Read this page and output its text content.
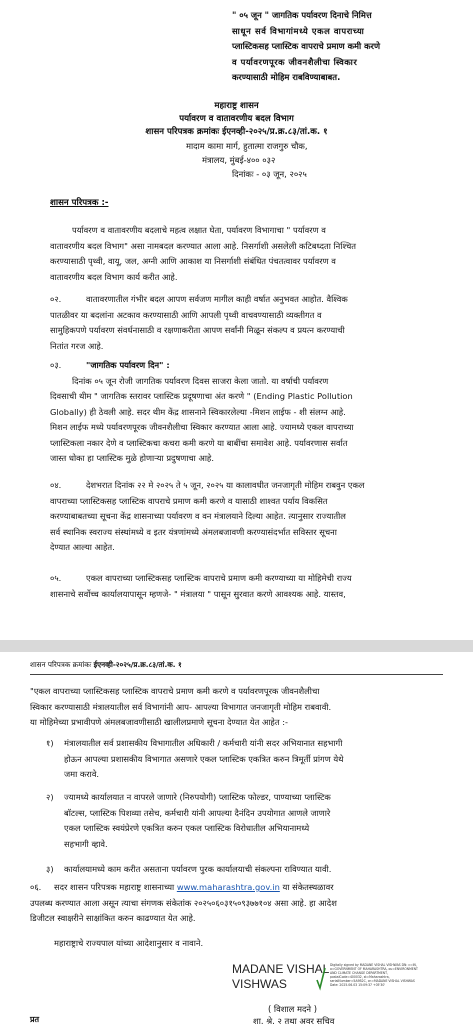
" ०५ जून " जागतिक पर्यावरण दिनाचे निमित्त
साधून सर्व विभागांमध्ये एकल वापराच्या
प्लास्टिकसह प्लास्टिक वापराचे प्रमाण कमी करणे
व पर्यावरणपूरक जीवनशैलीचा स्विकार
करण्यासाठी मोहिम राबविण्याबाबत.
महाराष्ट्र शासन
पर्यावरण व वातावरणीय बदल विभाग
शासन परिपत्रक क्रमांकः ईएनव्ही-२०२५/प्र.क्र.८३/तां.क. १
मादाम कामा मार्ग, हुतात्मा राजगुरु चौक,
मंत्रालय, मुंबई-४०० ०३२
दिनांकः - ०३ जून, २०२५
शासन परिपत्रक :-
पर्यावरण व वातावरणीय बदलाचे महत्व लक्षात घेता, पर्यावरण विभागाचा " पर्यावरण व
वातावरणीय बदल विभाग" असा नामबदल करण्यात आला आहे. निसर्गाशी असलेली कटिबध्दता निश्चित
करण्यासाठी पृथ्वी, वायू, जल, अग्नी आणि आकाश या निसर्गाशी संबंधित पंचतत्वावर पर्यावरण व
वातावरणीय बदल विभाग कार्य करीत आहे.
०२.	वातावरणातील गंभीर बदल आपण सर्वजण मागील काही वर्षात अनुभवत आहोत. वैश्विक
पातळीवर या बदलांना अटकाव करण्यासाठी आणि आपली पृथ्वी वाचवण्यासाठी व्यक्तीगत व
सामुहिकपणे पर्यावरण संवर्धनासाठी व रक्षणाकरीता आपण सर्वांनी मिळून संकल्प व प्रयत्न करण्याची
नितांत गरज आहे.
०३.	"जागतिक पर्यावरण दिन" :
दिनांक ०५ जून रोजी जागतिक पर्यावरण दिवस साजरा केला जातो. या वर्षाची पर्यावरण
दिवसाची थीम " जागतिक स्तरावर प्लास्टिक प्रदूषणाचा अंत करणे " (Ending Plastic Pollution
Globally) ही ठेवली आहे. सदर थीम केंद्र शासनाने स्विकारलेल्या -मिशन लाईफ - शी संलग्न आहे.
मिशन लाईफ मध्ये पर्यावरणपूरक जीवनशैलीचा स्विकार करण्यात आला आहे. ज्यामध्ये एकल वापराच्या
प्लास्टिकला नकार देणे व प्लास्टिकचा कचरा कमी करणे या बाबींचा समावेश आहे. पर्यावरणास सर्वात
जास्त धोका हा प्लास्टिक मुळे होणाऱ्या प्रदुषणाचा आहे.
०४.	देशभरात दिनांक २२ मे २०२५ ते ५ जून, २०२५ या कालावधीत जनजागृती मोहिम राबवुन एकल
वापराच्या प्लास्टिकसह प्लास्टिक वापराचे प्रमाण कमी करणे व यासाठी शाश्वत पर्याय विकसित
करण्याबाबतच्या सूचना केंद्र शासनाच्या पर्यावरण व वन मंत्रालयाने दिल्या आहेत. त्यानुसार राज्यातील
सर्व स्थानिक स्वराज्य संस्थांमध्ये व इतर यंत्रणांमध्ये अंमलबजावणी करण्यासंदर्भात सविस्तर सूचना
देण्यात आल्या आहेत.
०५.	एकल वापराच्या प्लास्टिकसह प्लास्टिक वापराचे प्रमाण कमी करण्याच्या या मोहिमेची राज्य
शासनाचे सर्वोच्च कार्यालयापासून म्हणजे- " मंत्रालया " पासून सुरवात करणे आवश्यक आहे. यास्तव,
शासन परिपत्रक क्रमांकः ईएनव्ही-२०२५/प्र.क्र.८३/तां.क. १
"एकल वापराच्या प्लास्टिकसह प्लास्टिक वापराचे प्रमाण कमी करणे व पर्यावरणपूरक जीवनशैलीचा
स्विकार करण्यासाठी मंत्रालयातील सर्व विभागांनी आप- आपल्या विभागात जनजागृती मोहिम राबवावी.
या मोहिमेच्या प्रभावीपणे अंमलबजावणीसाठी खालीलप्रमाणे सूचना देण्यात येत आहेत :-
१) मंत्रालयातील सर्व प्रशासकीय विभागातील अधिकारी / कर्मचारी यांनी सदर अभियानात सहभागी
होऊन आपल्या प्रशासकीय विभागात असणारे एकल प्लास्टिक एकत्रित करुन त्रिमूर्ती प्रांगण येथे
जमा करावे.
२) ज्यामध्ये कार्यालयात न वापरले जाणारे (निरुपयोगी) प्लास्टिक फोल्डर, पाण्याच्या प्लास्टिक
बॉटल्स, प्लास्टिक पिशव्या तसेच, कर्मचारी यांनी आपल्या दैनंदिन उपयोगात आणले जाणारे
एकल प्लास्टिक स्वयंप्रेरणे एकत्रित करुन एकल प्लास्टिक विरोधातील अभियानामध्ये
सहभागी व्हावे.
३) कार्यालयामध्ये काम करीत असताना पर्यावरण पुरक कार्यालयाची संकल्पना राविण्यात यावी.
०६. सदर शासन परिपत्रक महाराष्ट्र शासनाच्या www.maharashtra.gov.in या संकेतस्थळावर
उपलब्ध करण्यात आला असून त्याचा संगणक संकेतांक २०२५०६०३१५०९३७७१०४ असा आहे. हा आदेश
डिजीटल स्वाक्षरीने साक्षांकित करुन काढण्यात येत आहे.
महाराष्ट्राचे राज्यपाल यांच्या आदेशानुसार व नावाने.
MADANE VISHAL
VISHWAS
Digitally signed by MADANE VISHAL VISHWAS DN: c=IN, o=GOVERNMENT OF MAHARASHTRA, ou=ENVIRONMENT AND CLIMATE CHANGE DEPARTMENT, postalCode=400032, st=Maharashtra, serialNumber=5A9B2C, cn=MADANE VISHAL VISHWAS Date: 2025.06.03 15:09:37 +05'30'
( विशाल मदने )
शा. श्रे. २ तथा अवर सचिव
प्रत
